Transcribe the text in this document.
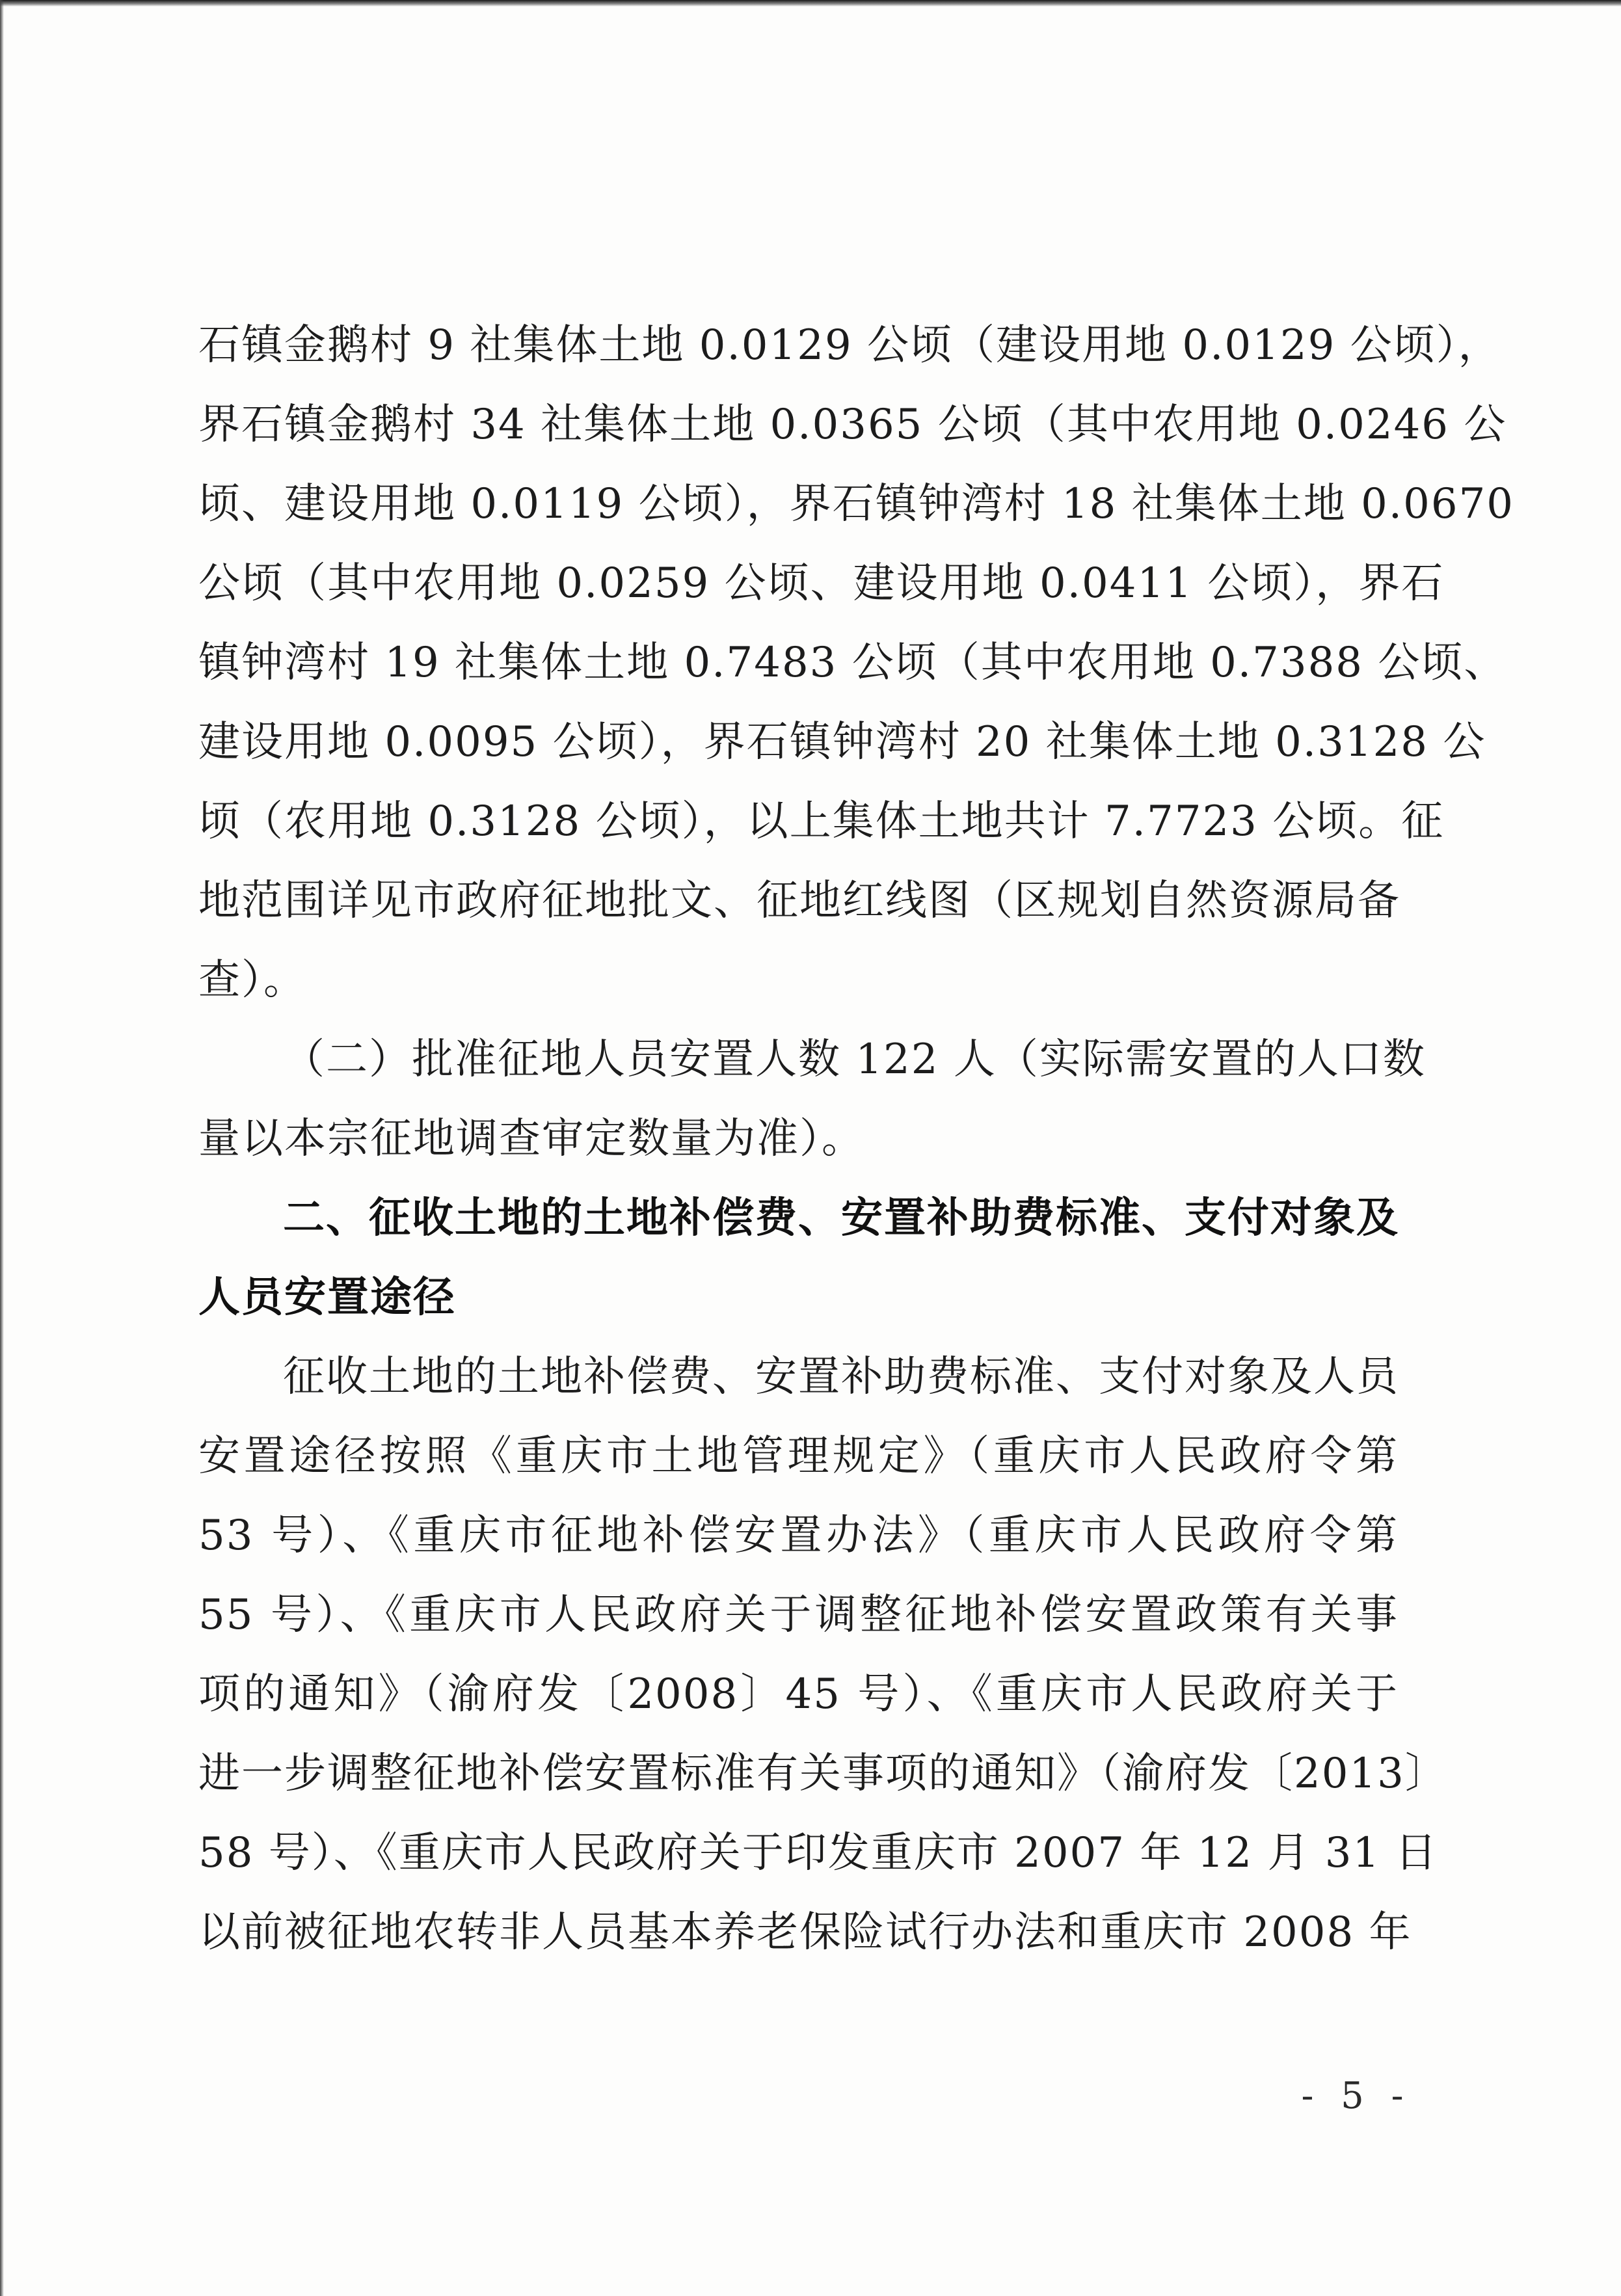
石镇金鹅村 9 社集体土地 0.0129 公顷（建设用地 0.0129 公顷），
界石镇金鹅村 34 社集体土地 0.0365 公顷（其中农用地 0.0246 公
顷、建设用地 0.0119 公顷），界石镇钟湾村 18 社集体土地 0.0670
公顷（其中农用地 0.0259 公顷、建设用地 0.0411 公顷），界石
镇钟湾村 19 社集体土地 0.7483 公顷（其中农用地 0.7388 公顷、
建设用地 0.0095 公顷），界石镇钟湾村 20 社集体土地 0.3128 公
顷（农用地 0.3128 公顷），以上集体土地共计 7.7723 公顷。征
地范围详见市政府征地批文、征地红线图（区规划自然资源局备
查）。
（二）批准征地人员安置人数 122 人（实际需安置的人口数
量以本宗征地调查审定数量为准）。
二、征收土地的土地补偿费、安置补助费标准、支付对象及
人员安置途径
征收土地的土地补偿费、安置补助费标准、支付对象及人员
安置途径按照《重庆市土地管理规定》（重庆市人民政府令第
53 号）、《重庆市征地补偿安置办法》（重庆市人民政府令第
55 号）、《重庆市人民政府关于调整征地补偿安置政策有关事
项的通知》（渝府发〔2008〕45 号）、《重庆市人民政府关于
进一步调整征地补偿安置标准有关事项的通知》（渝府发〔2013〕
58 号）、《重庆市人民政府关于印发重庆市 2007 年 12 月 31 日
以前被征地农转非人员基本养老保险试行办法和重庆市 2008 年
- 5 -
